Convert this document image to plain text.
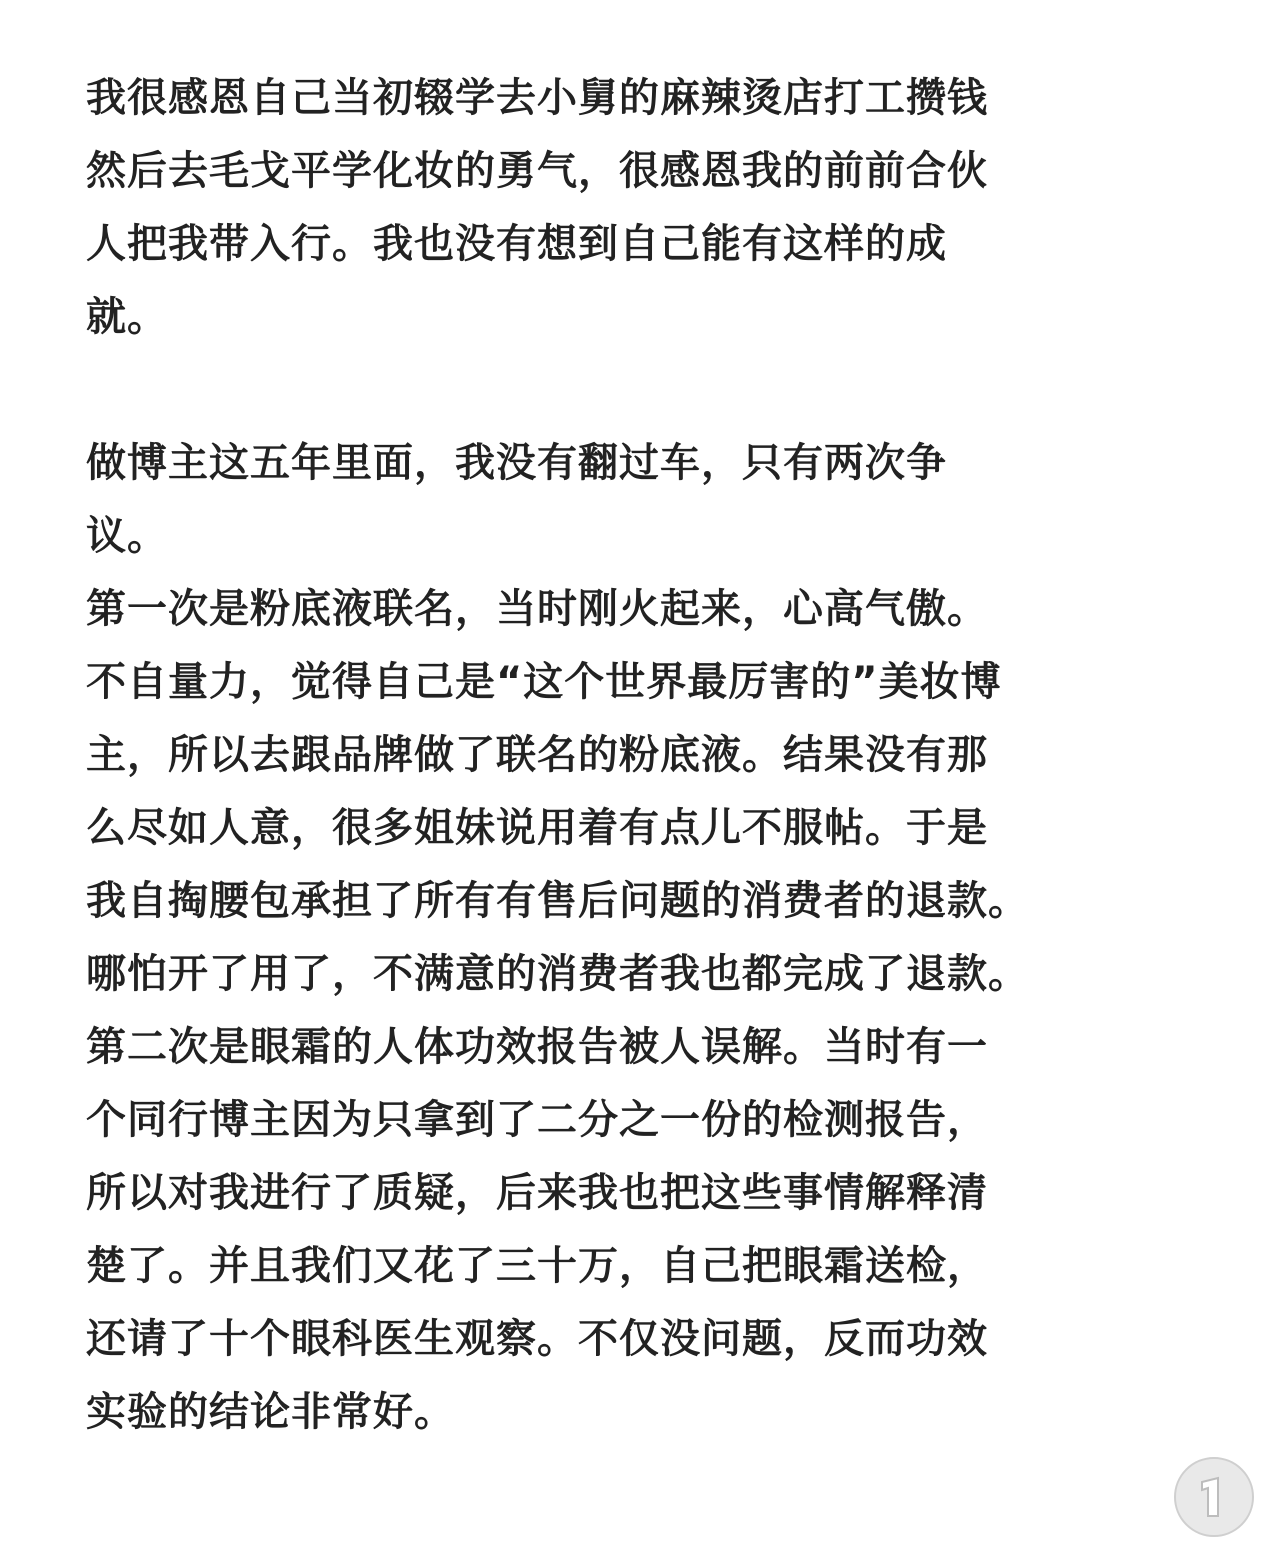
我很感恩自己当初辍学去小舅的麻辣烫店打工攒钱
然后去毛戈平学化妆的勇气，很感恩我的前前合伙
人把我带入行。我也没有想到自己能有这样的成
就。
做博主这五年里面，我没有翻过车，只有两次争
议。
第一次是粉底液联名，当时刚火起来，心高气傲。
不自量力，觉得自己是“这个世界最厉害的”美妆博
主，所以去跟品牌做了联名的粉底液。结果没有那
么尽如人意，很多姐妹说用着有点儿不服帖。于是
我自掏腰包承担了所有有售后问题的消费者的退款。
哪怕开了用了，不满意的消费者我也都完成了退款。
第二次是眼霜的人体功效报告被人误解。当时有一
个同行博主因为只拿到了二分之一份的检测报告，
所以对我进行了质疑，后来我也把这些事情解释清
楚了。并且我们又花了三十万，自己把眼霜送检，
还请了十个眼科医生观察。不仅没问题，反而功效
实验的结论非常好。
